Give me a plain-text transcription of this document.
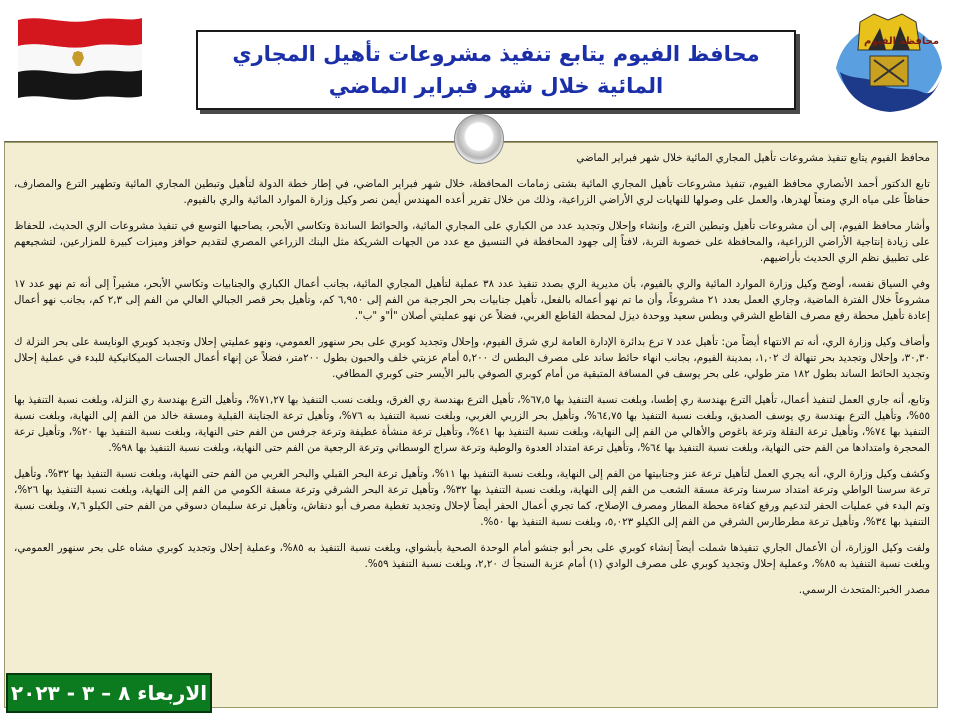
محافظة الفيوم
محافظ الفيوم يتابع تنفيذ مشروعات تأهيل المجاري المائية خلال شهر فبراير الماضي

محافظ الفيوم يتابع تنفيذ مشروعات تأهيل المجاري المائية خلال شهر فبراير الماضي

تابع الدكتور أحمد الأنصاري محافظ الفيوم، تنفيذ مشروعات تأهيل المجاري المائية بشتى زمامات المحافظة، خلال شهر فبراير الماضي، في إطار خطة الدولة لتأهيل وتبطين المجاري المائية وتطهير الترع والمصارف، حفاظاً على مياه الري ومنعاً لهدرها، والعمل على وصولها للنهايات لري الأراضي الزراعية، وذلك من خلال تقرير أعده المهندس أيمن نصر وكيل وزارة الموارد المائية والري بالفيوم.

وأشار محافظ الفيوم، إلى أن مشروعات تأهيل وتبطين الترع، وإنشاء وإحلال وتجديد عدد من الكباري على المجاري المائية، والحوائط الساندة وتكاسي الأبحر، يصاحبها التوسع في تنفيذ مشروعات الري الحديث، للحفاظ على زيادة إنتاجية الأراضي الزراعية، والمحافظة على خصوبة التربة، لافتاً إلى جهود المحافظة في التنسيق مع عدد من الجهات الشريكة مثل البنك الزراعي المصري لتقديم حوافز وميزات كبيرة للمزارعين، لتشجيعهم على تطبيق نظم الري الحديث بأراضيهم.

وفي السياق نفسه، أوضح وكيل وزارة الموارد المائية والري بالفيوم، بأن مديرية الري بصدد تنفيذ عدد ٣٨ عملية لتأهيل المجاري المائية، بجانب أعمال الكباري والجنابيات وتكاسي الأبحر، مشيراً إلى أنه تم نهو عدد ١٧ مشروعاً خلال الفترة الماضية، وجاري العمل بعدد ٢١ مشروعاً، وأن ما تم نهو أعماله بالفعل، تأهيل جنابيات بحر الجرجبة من الفم إلى ٦,٩٥٠ كم، وتأهيل بحر قصر الجبالي العالي من الفم إلى ٢,٣ كم، بجانب نهو أعمال إعادة تأهيل محطة رفع مصرف القاطع الشرقي وبطس سعيد ووحدة ديزل لمحطة القاطع الغربي، فضلاً عن نهو عمليتي أصلان "أ"و "ب".

وأضاف وكيل وزارة الري، أنه تم الانتهاء أيضاً من: تأهيل عدد ٧ ترع بدائرة الإدارة العامة لري شرق الفيوم، وإحلال وتجديد كوبري على بحر سنهور العمومي، ونهو عمليتي إحلال وتجديد كوبري الونايسة على بحر النزلة ك ٣٠,٣٠، وإحلال وتجديد بحر تنهالة ك ١,٠٢، بمدينة الفيوم، بجانب انهاء حائط ساند على مصرف البطس ك ٥,٢٠٠ أمام عزبتي خلف والحبون بطول ٢٠٠متر، فضلاً عن إنهاء أعمال الجسات الميكانيكية للبدء في عملية إحلال وتجديد الحائط الساند بطول ١٨٢ متر طولي، على بحر يوسف في المسافة المتبقية من أمام كوبري الصوفي بالبر الأيسر حتى كوبري المطافي.

وتابع، أنه جاري العمل لتنفيذ أعمال، تأهيل الترع بهندسة ري إطسا، وبلغت نسبة التنفيذ بها ٦٧,٥%، تأهيل الترع بهندسة ري الغرق، وبلغت نسب التنفيذ بها ٧١,٢٧%، وتأهيل الترع بهندسة ري النزلة، وبلغت نسبة التنفيذ بها ٥٥%، وتأهيل الترع بهندسة ري يوسف الصديق، وبلغت نسبة التنفيذ بها ٦٤,٧٥%، وتأهيل بحر الزربي الغربي، وبلغت نسبة التنفيذ به ٧٦%، وتأهيل ترعة الجناينة القبلية ومسقة خالد من الفم إلى النهاية، وبلغت نسبة التنفيذ بها ٧٤%، وتأهيل ترعة النقلة وترعة باغوص والأهالي من الفم إلى النهاية، وبلغت نسبة التنفيذ بها ٤١%، وتأهيل ترعة منشأة عطيفة وترعة جرفس من الفم حتى النهاية، وبلغت نسبة التنفيذ بها ٢٠%، وتأهيل ترعة المحجرة وامتدادها من الفم حتى النهاية، وبلغت نسبة التنفيذ بها ٦٤%، وتأهيل ترعة امتداد العدوة والوطية وترعة سراج الوسطاني وترعة الرجعية من الفم حتى النهاية، وبلغت نسبة التنفيذ بها ٩٨%.

وكشف وكيل وزارة الري، أنه يجري العمل لتأهيل ترعة عنز وجنابيتها من الفم إلى النهاية، وبلغت نسبة التنفيذ بها ١١%، وتأهيل ترعة البحر القبلي والبحر الغربي من الفم حتى النهاية، وبلغت نسبة التنفيذ بها ٣٢%، وتأهيل ترعة سرسنا الواطي وترعة امتداد سرسنا وترعة مسقة الشعب من الفم إلى النهاية، وبلغت نسبة التنفيذ بها ٣٢%، وتأهيل ترعة البحر الشرقي وترعة مسقة الكومي من الفم إلى النهاية، وبلغت نسبة التنفيذ بها ٢٦%، وتم البدء في عمليات الحفر لتدعيم ورفع كفاءة محطة المطار ومصرف الإصلاح، كما تجري أعمال الحفر أيضاً لإحلال وتجديد تغطية مصرف أبو دنقاش، وتأهيل ترعة سليمان دسوقي من الفم حتى الكيلو ٧,٦، وبلغت نسبة التنفيذ بها ٣٤%، وتأهيل ترعة مطرطارس الشرقي من الفم إلى الكيلو ٥,٠٢٣، وبلغت نسبة التنفيذ بها ٥٠%.

ولفت وكيل الوزارة، أن الأعمال الجاري تنفيذها شملت أيضاً إنشاء كوبري على بحر أبو جنشو أمام الوحدة الصحية بأبشواي، وبلغت نسبة التنفيذ به ٨٥%، وعملية إحلال وتجديد كوبري مشاه على بحر سنهور العمومي، وبلغت نسبة التنفيذ به ٨٥%، وعملية إحلال وتجديد كوبري على مصرف الوادي (١) أمام عزبة السنجأ ك ٢,٢٠، وبلغت نسبة التنفيذ ٥٩%.

مصدر الخبر:المتحدث الرسمي.

الاربعاء ٨ – ٣ - ٢٠٢٣
